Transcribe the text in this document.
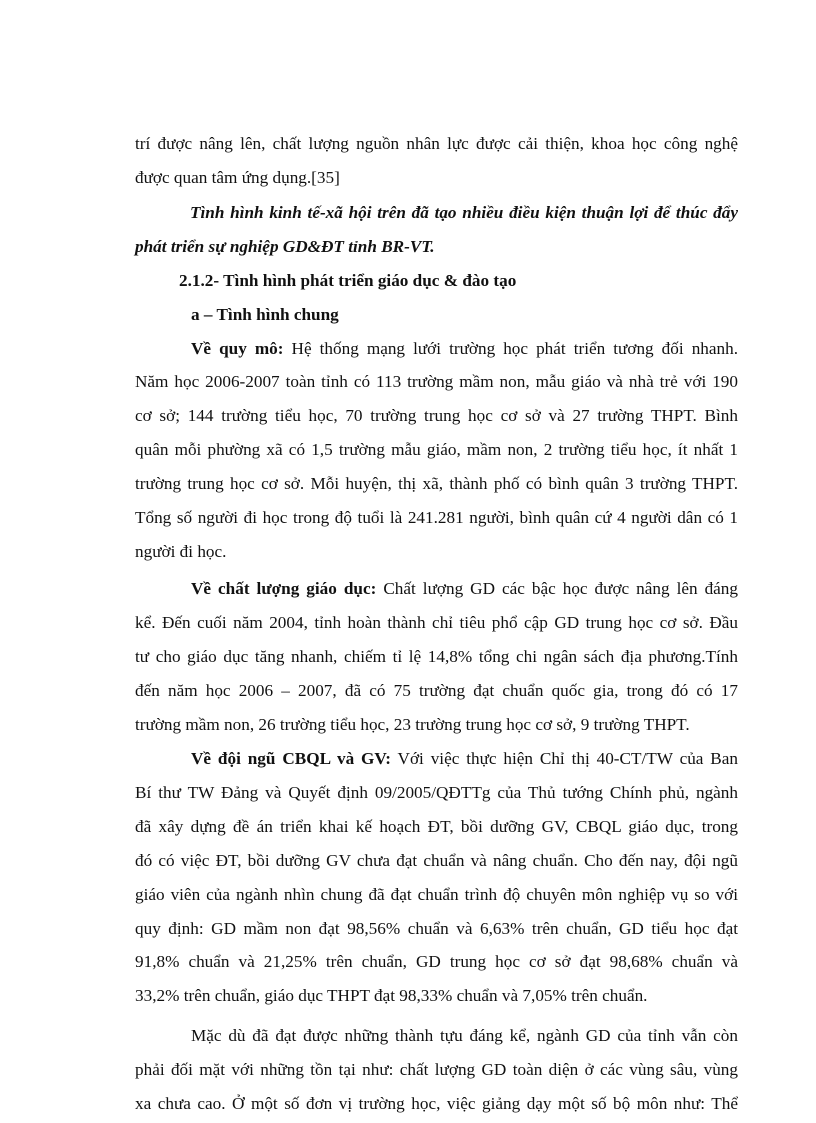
trí được nâng lên, chất lượng nguồn nhân lực được cải thiện, khoa học công nghệ
được quan tâm ứng dụng.[35]
Tình hình kinh tế-xã hội trên đã tạo nhiều điều kiện thuận lợi để thúc đẩy
phát triển sự nghiệp GD&ĐT tỉnh BR-VT.
2.1.2- Tình hình phát triển giáo dục & đào tạo
a – Tình hình chung
Về quy mô: Hệ thống mạng lưới trường học phát triển tương đối nhanh.
Năm học 2006-2007 toàn tỉnh có 113 trường mầm non, mẫu giáo và nhà trẻ với 190
cơ sở; 144 trường tiểu học, 70 trường trung học cơ sở và 27 trường THPT. Bình
quân mỗi phường xã có 1,5 trường mẫu giáo, mầm non, 2 trường tiểu học, ít nhất 1
trường trung học cơ sở. Mỗi huyện, thị xã, thành phố có bình quân 3 trường THPT.
Tổng số người đi học trong độ tuổi là 241.281 người, bình quân cứ 4 người dân có 1
người đi học.
Về chất lượng giáo dục: Chất lượng GD các bậc học được nâng lên đáng
kể. Đến cuối năm 2004, tỉnh hoàn thành chỉ tiêu phổ cập GD trung học cơ sở. Đầu
tư cho giáo dục tăng nhanh, chiếm tỉ lệ 14,8% tổng chi ngân sách địa phương.Tính
đến năm học 2006 – 2007, đã có 75 trường đạt chuẩn quốc gia, trong đó có 17
trường mầm non, 26 trường tiểu học, 23 trường trung học cơ sở, 9 trường THPT.
Về đội ngũ CBQL và GV: Với việc thực hiện Chỉ thị 40-CT/TW của Ban
Bí thư TW Đảng và Quyết định 09/2005/QĐTTg của Thủ tướng Chính phủ, ngành
đã xây dựng đề án triển khai kế hoạch ĐT, bồi dưỡng GV, CBQL giáo dục, trong
đó có việc ĐT, bồi dưỡng GV chưa đạt chuẩn và nâng chuẩn. Cho đến nay, đội ngũ
giáo viên của ngành nhìn chung đã đạt chuẩn trình độ chuyên môn nghiệp vụ so với
quy định: GD mầm non đạt 98,56% chuẩn và 6,63% trên chuẩn, GD tiểu học đạt
91,8% chuẩn và 21,25% trên chuẩn, GD trung học cơ sở đạt 98,68% chuẩn và
33,2% trên chuẩn, giáo dục THPT đạt 98,33% chuẩn và 7,05% trên chuẩn.
Mặc dù đã đạt được những thành tựu đáng kể, ngành GD của tỉnh vẫn còn
phải đối mặt với những tồn tại như: chất lượng GD toàn diện ở các vùng sâu, vùng
xa chưa cao. Ở một số đơn vị trường học, việc giảng dạy một số bộ môn như: Thể
